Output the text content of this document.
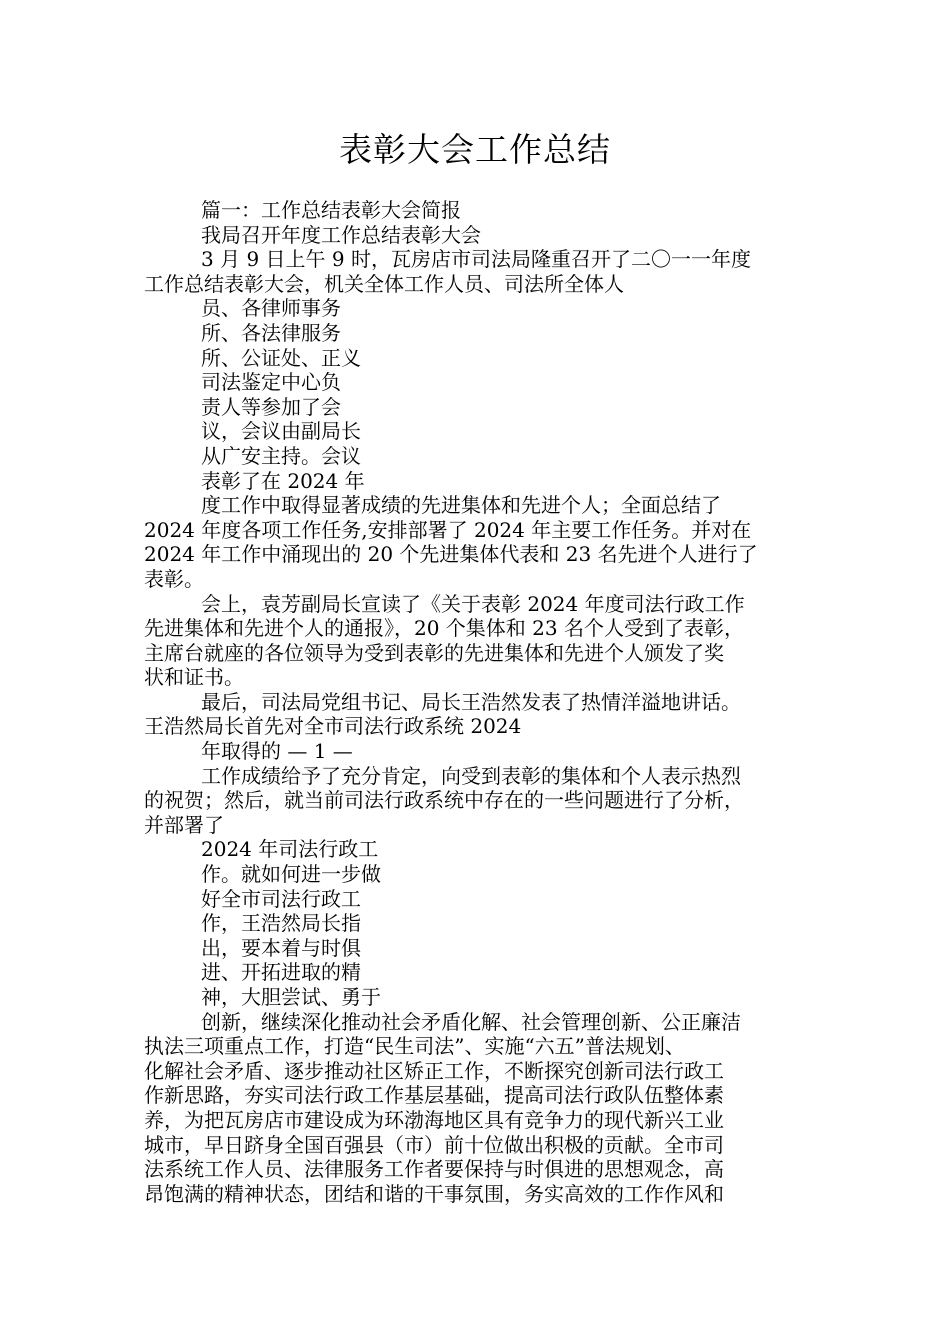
表彰大会工作总结
篇一：工作总结表彰大会简报
我局召开年度工作总结表彰大会
3 月 9 日上午 9 时，瓦房店市司法局隆重召开了二〇一一年度
工作总结表彰大会，机关全体工作人员、司法所全体人
员、各律师事务
所、各法律服务
所、公证处、正义
司法鉴定中心负
责人等参加了会
议，会议由副局长
从广安主持。会议
表彰了在 2024 年
度工作中取得显著成绩的先进集体和先进个人；全面总结了
2024 年度各项工作任务,安排部署了 2024 年主要工作任务。并对在
2024 年工作中涌现出的 20 个先进集体代表和 23 名先进个人进行了
表彰。
会上，袁芳副局长宣读了《关于表彰 2024 年度司法行政工作
先进集体和先进个人的通报》，20 个集体和 23 名个人受到了表彰，
主席台就座的各位领导为受到表彰的先进集体和先进个人颁发了奖
状和证书。
最后，司法局党组书记、局长王浩然发表了热情洋溢地讲话。
王浩然局长首先对全市司法行政系统 2024
年取得的 — 1 —
工作成绩给予了充分肯定，向受到表彰的集体和个人表示热烈
的祝贺；然后，就当前司法行政系统中存在的一些问题进行了分析，
并部署了
2024 年司法行政工
作。就如何进一步做
好全市司法行政工
作，王浩然局长指
出，要本着与时俱
进、开拓进取的精
神，大胆尝试、勇于
创新，继续深化推动社会矛盾化解、社会管理创新、公正廉洁
执法三项重点工作，打造“民生司法”、实施“六五”普法规划、
化解社会矛盾、逐步推动社区矫正工作，不断探究创新司法行政工
作新思路，夯实司法行政工作基层基础，提高司法行政队伍整体素
养，为把瓦房店市建设成为环渤海地区具有竞争力的现代新兴工业
城市，早日跻身全国百强县（市）前十位做出积极的贡献。全市司
法系统工作人员、法律服务工作者要保持与时俱进的思想观念，高
昂饱满的精神状态，团结和谐的干事氛围，务实高效的工作作风和
